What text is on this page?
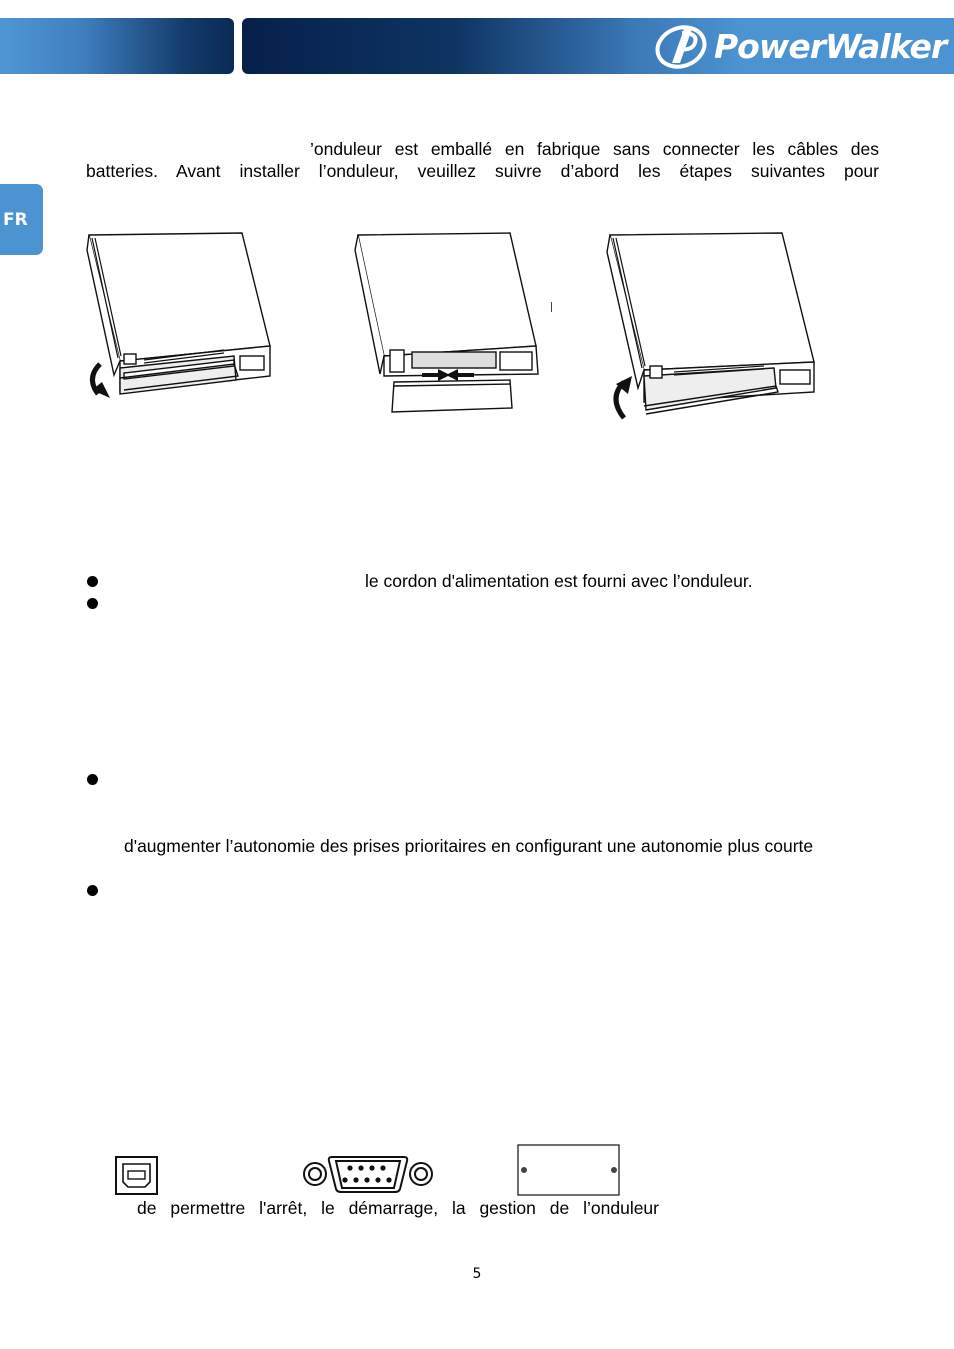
PowerWalker
FR

’onduleur est emballé en fabrique sans connecter les câbles des

batteries. Avant installer l’onduleur, veuillez suivre d’abord les étapes suivantes pour

le cordon d'alimentation est fourni avec l’onduleur.
d'augmenter l’autonomie des prises prioritaires en configurant une autonomie plus courte

de permettre l'arrêt, le démarrage, la gestion de l’onduleur

5
